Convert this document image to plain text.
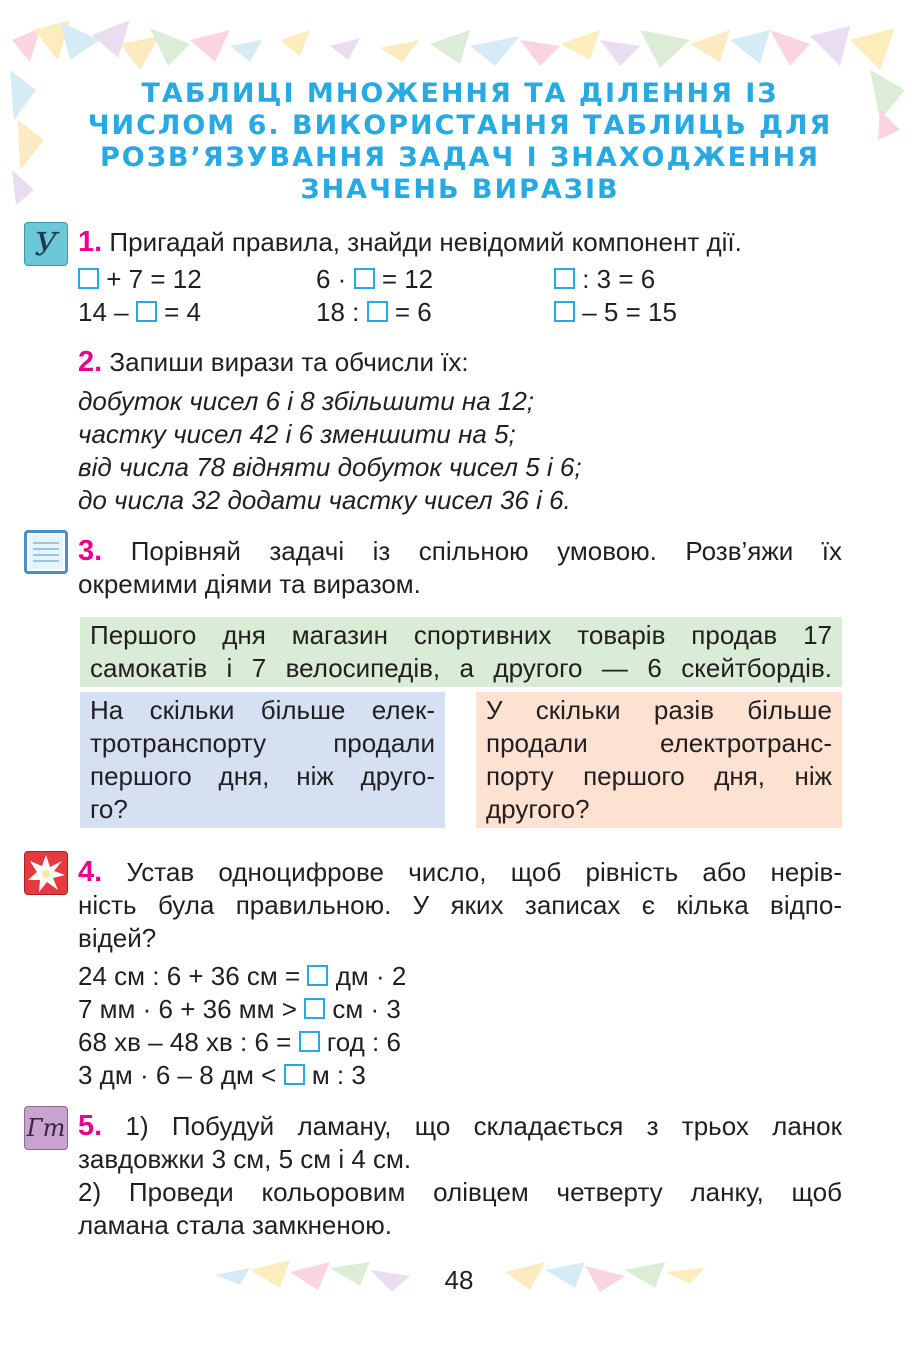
ТАБЛИЦІ МНОЖЕННЯ ТА ДІЛЕННЯ ІЗ
ЧИСЛОМ 6. ВИКОРИСТАННЯ ТАБЛИЦЬ ДЛЯ
РОЗВ’ЯЗУВАННЯ ЗАДАЧ І ЗНАХОДЖЕННЯ
ЗНАЧЕНЬ ВИРАЗІВ
У 1. Пригадай правила, знайди невідомий компонент дії.
+ 7 = 12	6 · = 12	: 3 = 6
14 – = 4	18 : = 6	– 5 = 15
2. Запиши вирази та обчисли їх:
добуток чисел 6 і 8 збільшити на 12;
частку чисел 42 і 6 зменшити на 5;
від числа 78 відняти добуток чисел 5 і 6;
до числа 32 додати частку чисел 36 і 6.
3. Порівняй задачі із спільною умовою. Розв’яжи їх
окремими діями та виразом.
Першого дня магазин спортивних товарів продав 17
самокатів і 7 велосипедів, а другого — 6 скейтбордів.
На скільки більше елек-
тротранспорту продали
першого дня, ніж друго-
го?
У скільки разів більше
продали електротранс-
порту першого дня, ніж
другого?
4. Устав одноцифрове число, щоб рівність або нерів-
ність була правильною. У яких записах є кілька відпо-
відей?
24 см : 6 + 36 см = дм · 2
7 мм · 6 + 36 мм > см · 3
68 хв – 48 хв : 6 = год : 6
3 дм · 6 – 8 дм < м : 3
Гт 5. 1) Побудуй ламану, що складається з трьох ланок
завдовжки 3 см, 5 см і 4 см.
2) Проведи кольоровим олівцем четверту ланку, щоб
ламана стала замкненою.
48
